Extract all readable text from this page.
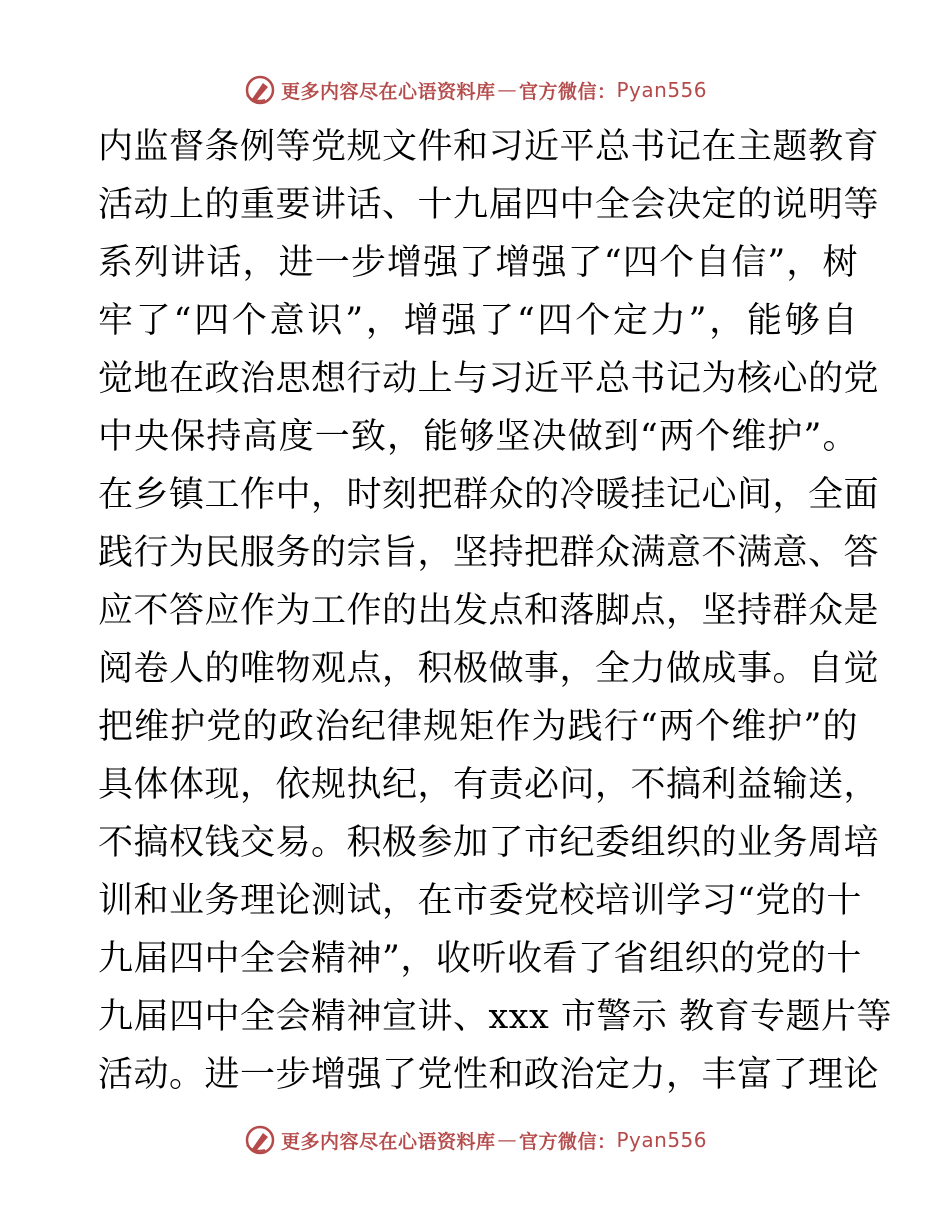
更多内容尽在心语资料库 — 官方微信： Pyan556
内监督条例等党规文件和习近平总书记在主题教育
活动上的重要讲话、十九届四中全会决定的说明等
系列讲话，进一步增强了增强了“四个自信”，树
牢了“四个意识”，增强了“四个定力”，能够自
觉地在政治思想行动上与习近平总书记为核心的党
中央保持高度一致，能够坚决做到“两个维护”。
在乡镇工作中，时刻把群众的冷暖挂记心间，全面
践行为民服务的宗旨，坚持把群众满意不满意、答
应不答应作为工作的出发点和落脚点，坚持群众是
阅卷人的唯物观点，积极做事，全力做成事。自觉
把维护党的政治纪律规矩作为践行“两个维护”的
具体体现，依规执纪，有责必问，不搞利益输送，
不搞权钱交易。积极参加了市纪委组织的业务周培
训和业务理论测试，在市委党校培训学习“党的十
九届四中全会精神”，收听收看了省组织的党的十
九届四中全会精神宣讲、xxx 市警示 教育专题片等
活动。进一步增强了党性和政治定力，丰富了理论
更多内容尽在心语资料库 — 官方微信： Pyan556
